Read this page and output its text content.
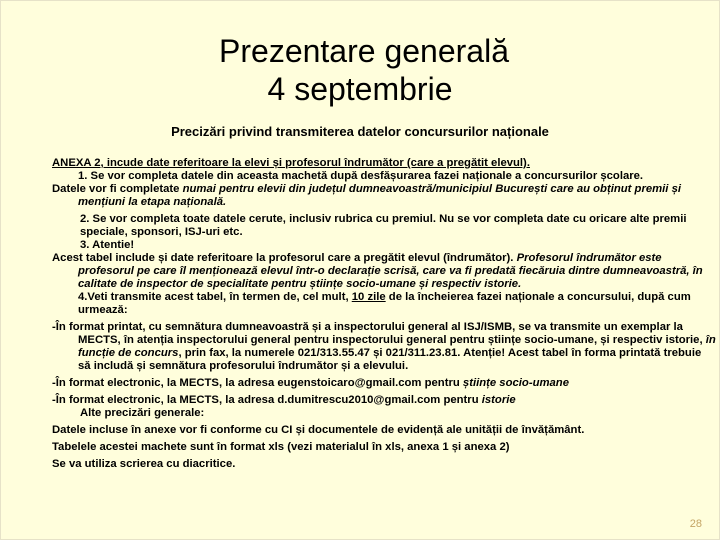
Prezentare generală
4 septembrie
Precizări privind transmiterea datelor concursurilor naționale

ANEXA 2, incude date referitoare la elevi și profesorul îndrumător (care a pregătit elevul).

1. Se vor completa datele din aceasta machetă după desfășurarea fazei naționale a concursurilor școlare.

Datele vor fi completate numai pentru elevii din județul dumneavoastră/municipiul București care au obținut premii și mențiuni la etapa națională.

2. Se vor completa toate datele cerute, inclusiv rubrica cu premiul. Nu se vor completa date cu oricare alte premii speciale, sponsori, ISJ-uri etc.

3. Atentie!

Acest tabel include și date referitoare la profesorul care a pregătit elevul (îndrumător). Profesorul îndrumător este profesorul pe care îl menționează elevul într-o declarație scrisă, care va fi predată fiecăruia dintre dumneavoastră, în calitate de inspector de specialitate pentru științe socio-umane și respectiv istorie.

4.Veti transmite acest tabel, în termen de, cel mult, 10 zile de la încheierea fazei naționale a concursului, după cum urmează:

-În format printat, cu semnătura dumneavoastră și a inspectorului general al ISJ/ISMB, se va transmite un exemplar la MECTS, în atenția inspectorului general pentru inspectorului general pentru științe socio-umane, și respectiv istorie, în funcție de concurs, prin fax, la numerele 021/313.55.47 și 021/311.23.81. Atenție! Acest tabel în forma printată trebuie să includă și semnătura profesorului îndrumător și a elevului.

-În format electronic, la MECTS, la adresa eugenstoicaro@gmail.com pentru științe socio-umane

-În format electronic, la MECTS, la adresa d.dumitrescu2010@gmail.com pentru istorie

Alte precizări generale:

Datele incluse în anexe vor fi conforme cu CI și documentele de evidență ale unității de învățământ.

Tabelele acestei machete sunt în format xls (vezi materialul în xls, anexa 1 și anexa 2)

Se va utiliza scrierea cu diacritice.

28
